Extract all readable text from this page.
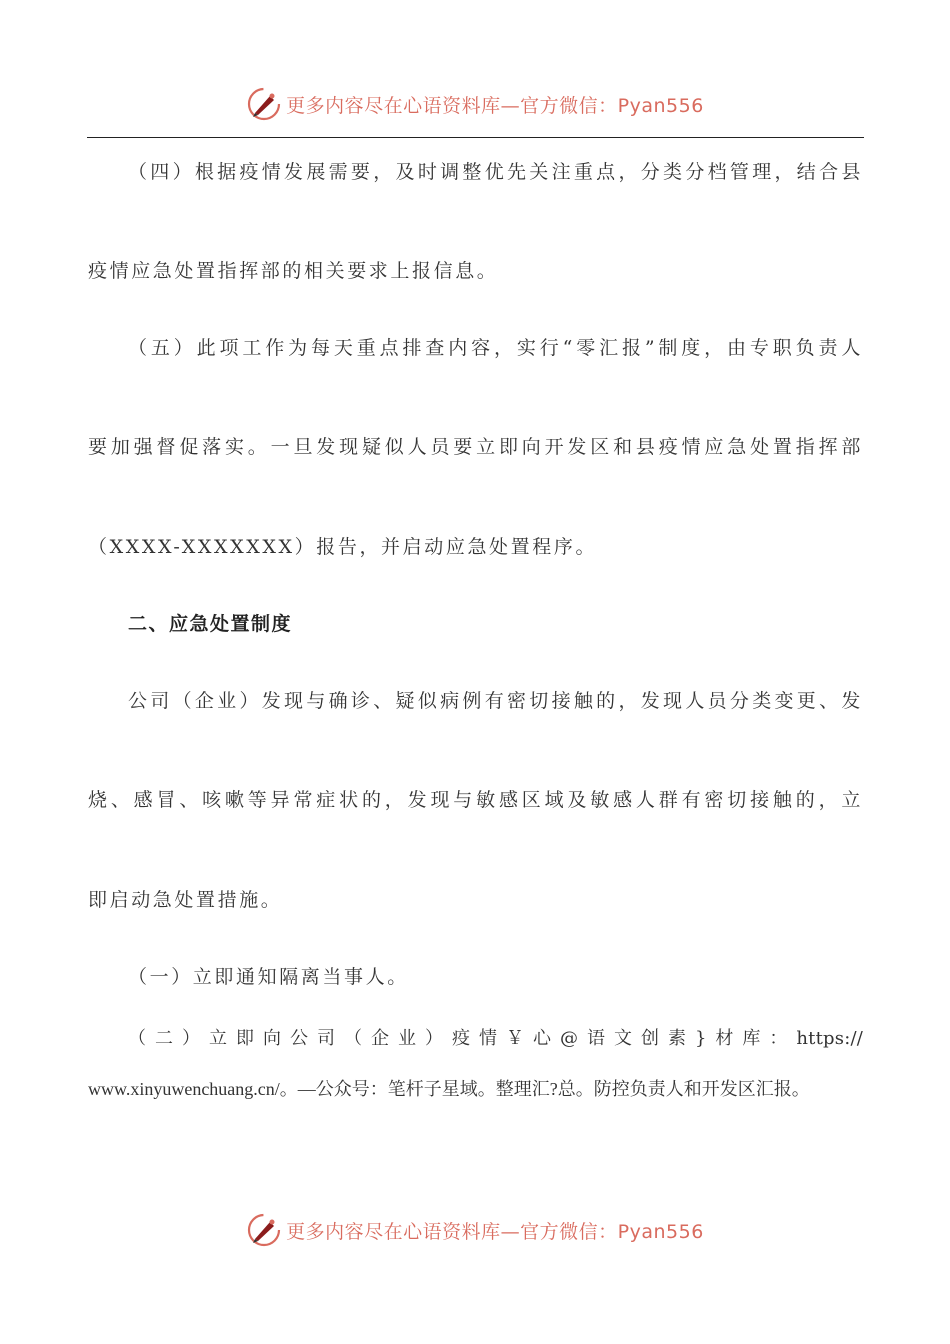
更多内容尽在心语资料库—官方微信：Pyan556
（四）根据疫情发展需要，及时调整优先关注重点，分类分档管理，结合县
疫情应急处置指挥部的相关要求上报信息。
（五）此项工作为每天重点排查内容，实行“零汇报”制度，由专职负责人
要加强督促落实。一旦发现疑似人员要立即向开发区和县疫情应急处置指挥部
（XXXX-XXXXXXX）报告，并启动应急处置程序。
二、应急处置制度
公司（企业）发现与确诊、疑似病例有密切接触的，发现人员分类变更、发
烧、感冒、咳嗽等异常症状的，发现与敏感区域及敏感人群有密切接触的，立
即启动急处置措施。
（一）立即通知隔离当事人。
（二）立即向公司（企业）疫情￥心@语文创素}材库：https://
www.xinyuwenchuang.cn/。—公众号：笔杆子星域。整理汇?总。防控负责人和开发区汇报。
更多内容尽在心语资料库—官方微信：Pyan556
